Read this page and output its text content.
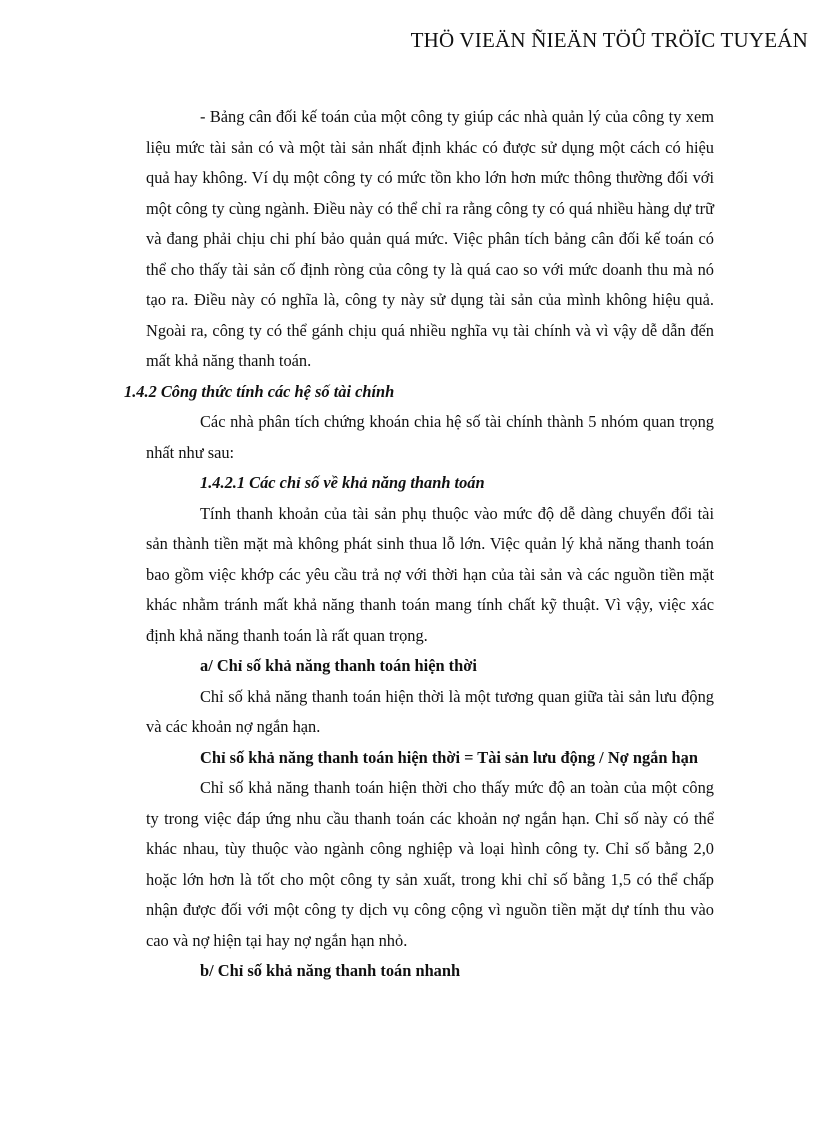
THÖ VIEÄN ÑIEÄN TÖÛ TRÖÏC TUYEÁN

- Bảng cân đối kế toán của một công ty giúp các nhà quản lý của công ty xem liệu mức tài sản có và một tài sản nhất định khác có được sử dụng một cách có hiệu quả hay không. Ví dụ một công ty có mức tồn kho lớn hơn mức thông thường đối với một công ty cùng ngành. Điều này có thể chỉ ra rằng công ty có quá nhiều hàng dự trữ và đang phải chịu chi phí bảo quản quá mức. Việc phân tích bảng cân đối kế toán có thể cho thấy tài sản cố định ròng của công ty là quá cao so với mức doanh thu mà nó tạo ra. Điều này có nghĩa là, công ty này sử dụng tài sản của mình không hiệu quả. Ngoài ra, công ty có thể gánh chịu quá nhiều nghĩa vụ tài chính và vì vậy dễ dẫn đến mất khả năng thanh toán.

1.4.2 Công thức tính các hệ số tài chính

Các nhà phân tích chứng khoán chia hệ số tài chính thành 5 nhóm quan trọng nhất như sau:

1.4.2.1 Các chỉ số về khả năng thanh toán

Tính thanh khoản của tài sản phụ thuộc vào mức độ dễ dàng chuyển đổi tài sản thành tiền mặt mà không phát sinh thua lỗ lớn. Việc quản lý khả năng thanh toán bao gồm việc khớp các yêu cầu trả nợ với thời hạn của tài sản và các nguồn tiền mặt khác nhằm tránh mất khả năng thanh toán mang tính chất kỹ thuật. Vì vậy, việc xác định khả năng thanh toán là rất quan trọng.

a/ Chỉ số khả năng thanh toán hiện thời

Chỉ số khả năng thanh toán hiện thời là một tương quan giữa tài sản lưu động và các khoản nợ ngắn hạn.

Chỉ số khả năng thanh toán hiện thời = Tài sản lưu động / Nợ ngắn hạn

Chỉ số khả năng thanh toán hiện thời cho thấy mức độ an toàn của một công ty trong việc đáp ứng nhu cầu thanh toán các khoản nợ ngắn hạn. Chỉ số này có thể khác nhau, tùy thuộc vào ngành công nghiệp và loại hình công ty. Chỉ số bằng 2,0 hoặc lớn hơn là tốt cho một công ty sản xuất, trong khi chỉ số bằng 1,5 có thể chấp nhận được đối với một công ty dịch vụ công cộng vì nguồn tiền mặt dự tính thu vào cao và nợ hiện tại hay nợ ngắn hạn nhỏ.

b/ Chỉ số khả năng thanh toán nhanh
